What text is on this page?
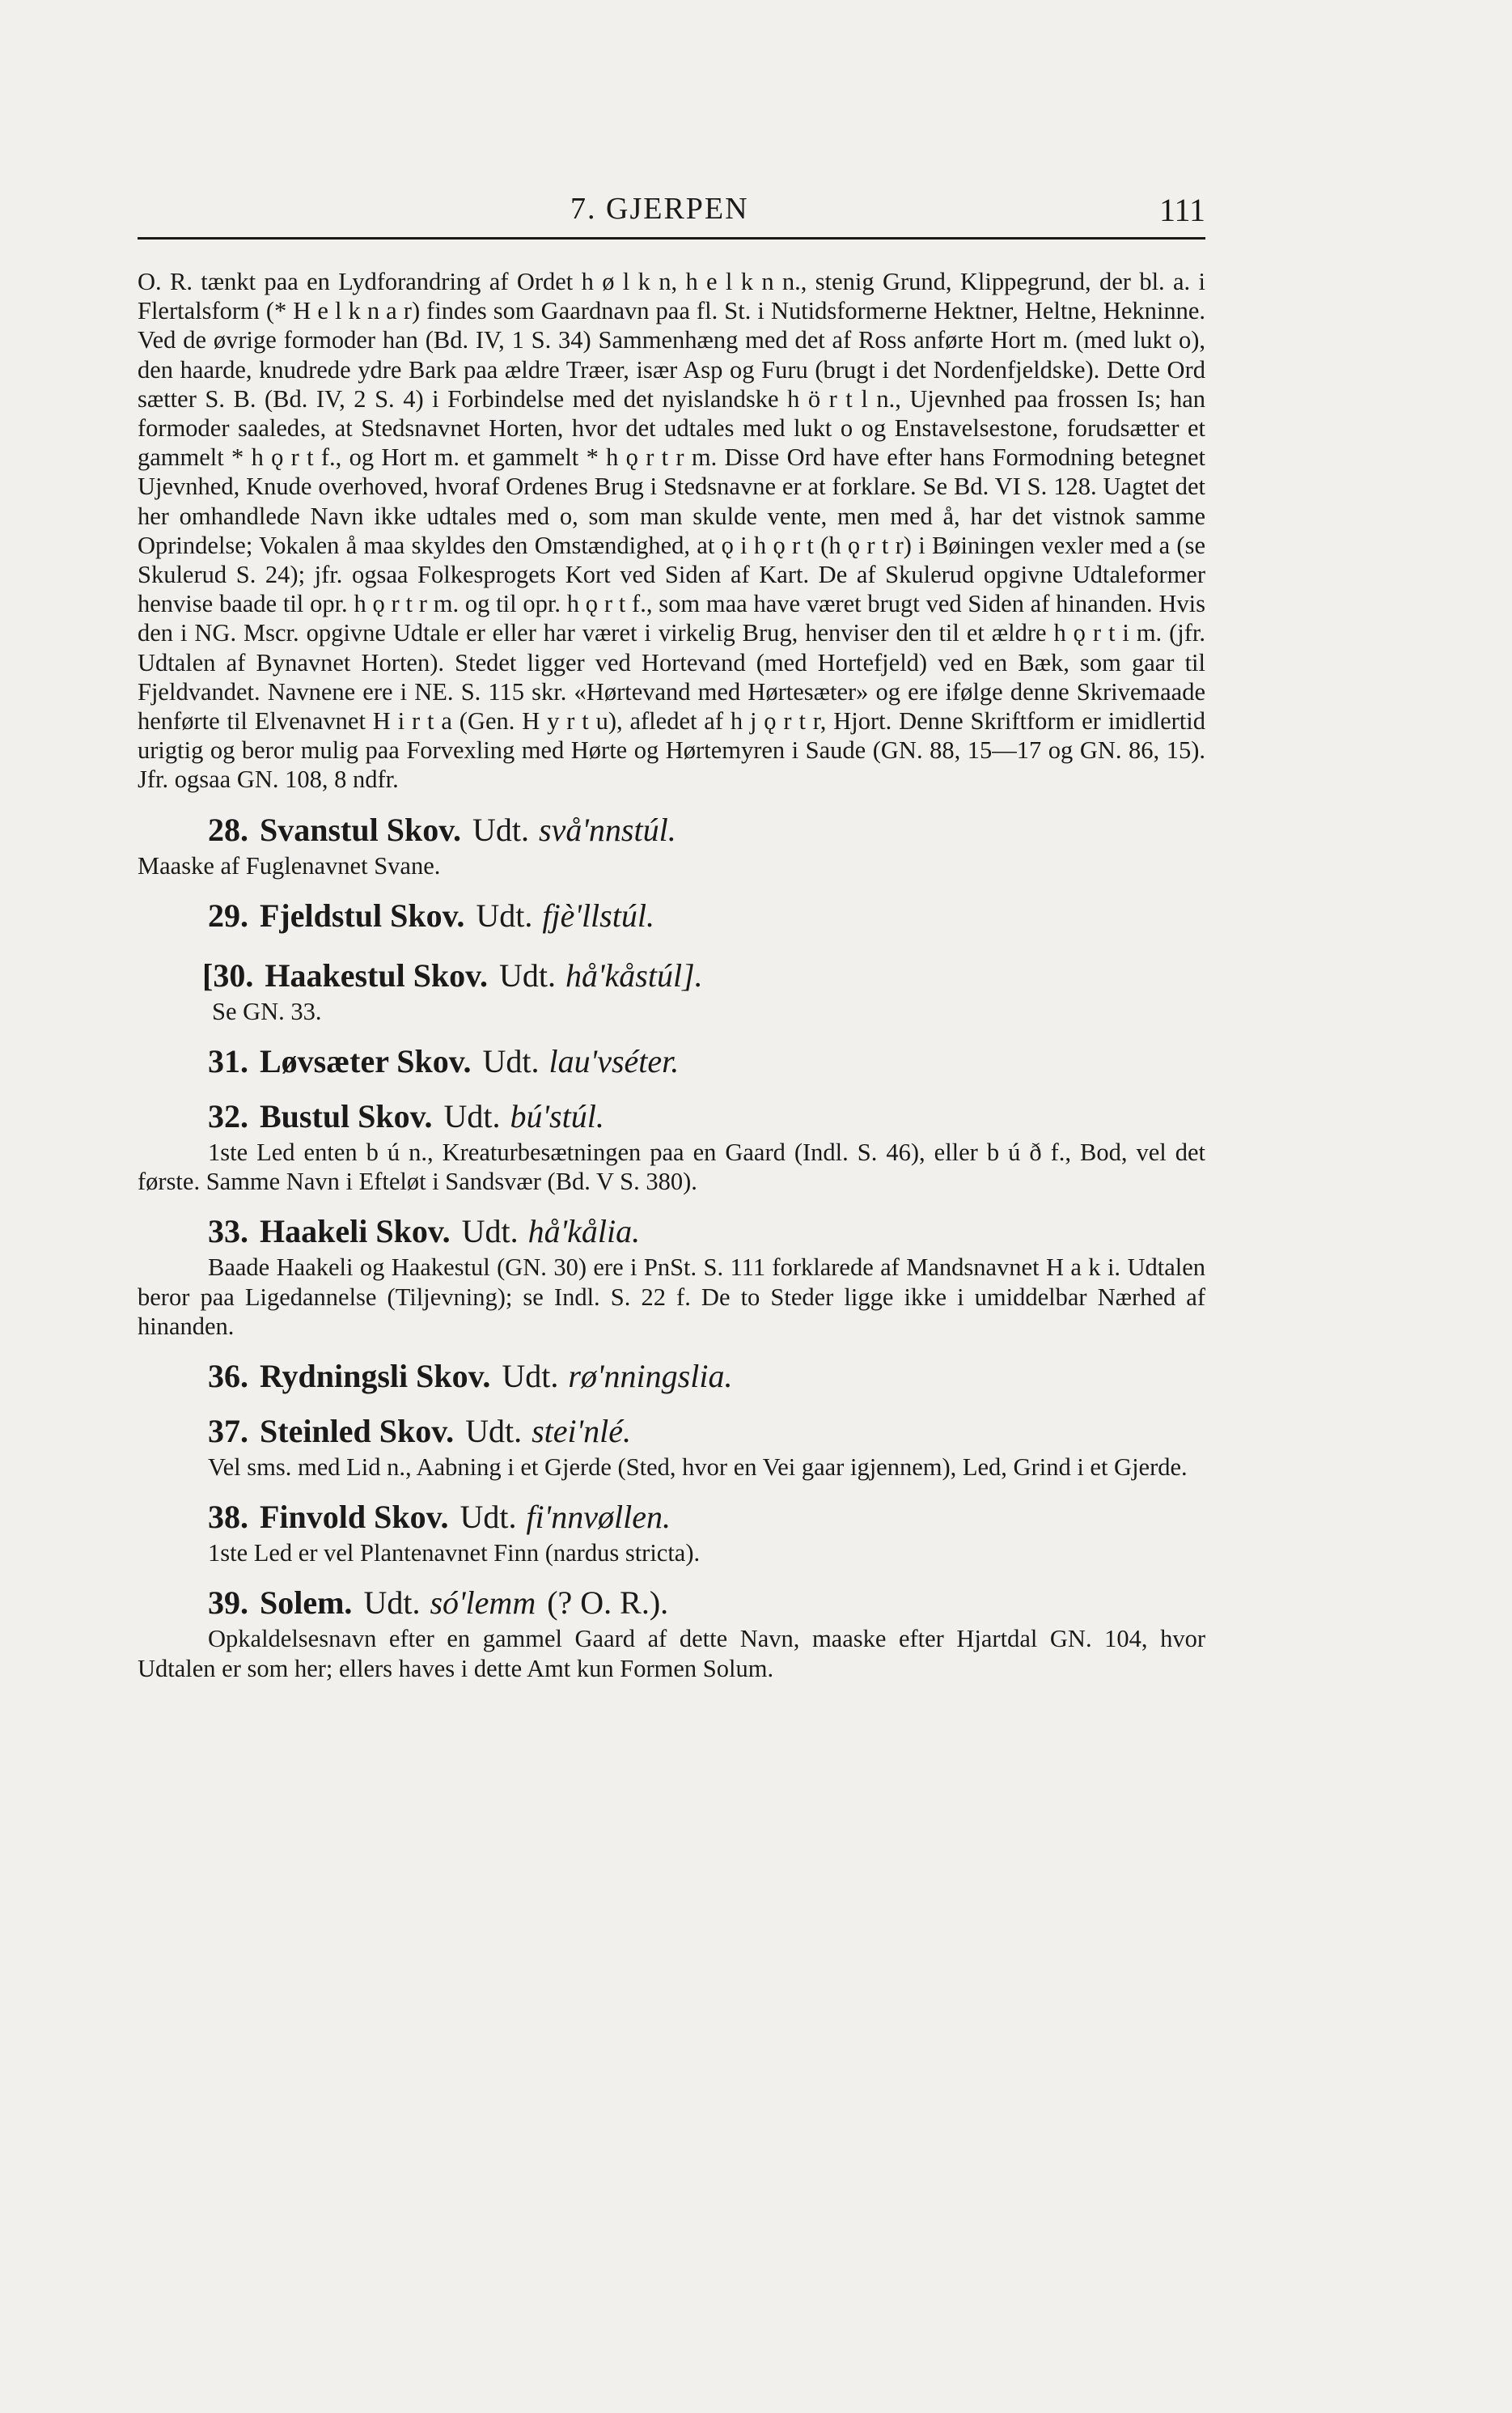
7. GJERPEN	111

O. R. tænkt paa en Lydforandring af Ordet h ø l k n, h e l k n n., stenig Grund, Klippegrund, der bl. a. i Flertalsform (* H e l k n a r) findes som Gaardnavn paa fl. St. i Nutidsformerne Hektner, Heltne, Hekninne. Ved de øvrige formoder han (Bd. IV, 1 S. 34) Sammenhæng med det af Ross anførte Hort m. (med lukt o), den haarde, knudrede ydre Bark paa ældre Træer, især Asp og Furu (brugt i det Nordenfjeldske). Dette Ord sætter S. B. (Bd. IV, 2 S. 4) i Forbindelse med det nyislandske h ö r t l n., Ujevnhed paa frossen Is; han formoder saaledes, at Stedsnavnet Horten, hvor det udtales med lukt o og Enstavelsestone, forudsætter et gammelt * h ǫ r t f., og Hort m. et gammelt * h ǫ r t r m. Disse Ord have efter hans Formodning betegnet Ujevnhed, Knude overhoved, hvoraf Ordenes Brug i Stedsnavne er at forklare. Se Bd. VI S. 128. Uagtet det her omhandlede Navn ikke udtales med o, som man skulde vente, men med å, har det vistnok samme Oprindelse; Vokalen å maa skyldes den Omstændighed, at ǫ i h ǫ r t (h ǫ r t r) i Bøiningen vexler med a (se Skulerud S. 24); jfr. ogsaa Folkesprogets Kort ved Siden af Kart. De af Skulerud opgivne Udtaleformer henvise baade til opr. h ǫ r t r m. og til opr. h ǫ r t f., som maa have været brugt ved Siden af hinanden. Hvis den i NG. Mscr. opgivne Udtale er eller har været i virkelig Brug, henviser den til et ældre h ǫ r t i m. (jfr. Udtalen af Bynavnet Horten). Stedet ligger ved Hortevand (med Hortefjeld) ved en Bæk, som gaar til Fjeldvandet. Navnene ere i NE. S. 115 skr. «Hørtevand med Hørtesæter» og ere ifølge denne Skrivemaade henførte til Elvenavnet H i r t a (Gen. H y r t u), afledet af h j ǫ r t r, Hjort. Denne Skriftform er imidlertid urigtig og beror mulig paa Forvexling med Hørte og Hørtemyren i Saude (GN. 88, 15—17 og GN. 86, 15). Jfr. ogsaa GN. 108, 8 ndfr.

28. Svanstul Skov. Udt. svå'nnstúl.

Maaske af Fuglenavnet Svane.

29. Fjeldstul Skov. Udt. fjè'llstúl.
[30. Haakestul Skov. Udt. hå'kåstúl].

Se GN. 33.

31. Løvsæter Skov. Udt. lau'vséter.
32. Bustul Skov. Udt. bú'stúl.

1ste Led enten b ú n., Kreaturbesætningen paa en Gaard (Indl. S. 46), eller b ú ð f., Bod, vel det første. Samme Navn i Efteløt i Sandsvær (Bd. V S. 380).

33. Haakeli Skov. Udt. hå'kålia.

Baade Haakeli og Haakestul (GN. 30) ere i PnSt. S. 111 forklarede af Mandsnavnet H a k i. Udtalen beror paa Ligedannelse (Tiljevning); se Indl. S. 22 f. De to Steder ligge ikke i umiddelbar Nærhed af hinanden.

36. Rydningsli Skov. Udt. rø'nningslia.
37. Steinled Skov. Udt. stei'nlé.

Vel sms. med Lid n., Aabning i et Gjerde (Sted, hvor en Vei gaar igjennem), Led, Grind i et Gjerde.

38. Finvold Skov. Udt. fi'nnvøllen.

1ste Led er vel Plantenavnet Finn (nardus stricta).

39. Solem. Udt. só'lemm (? O. R.).

Opkaldelsesnavn efter en gammel Gaard af dette Navn, maaske efter Hjartdal GN. 104, hvor Udtalen er som her; ellers haves i dette Amt kun Formen Solum.
